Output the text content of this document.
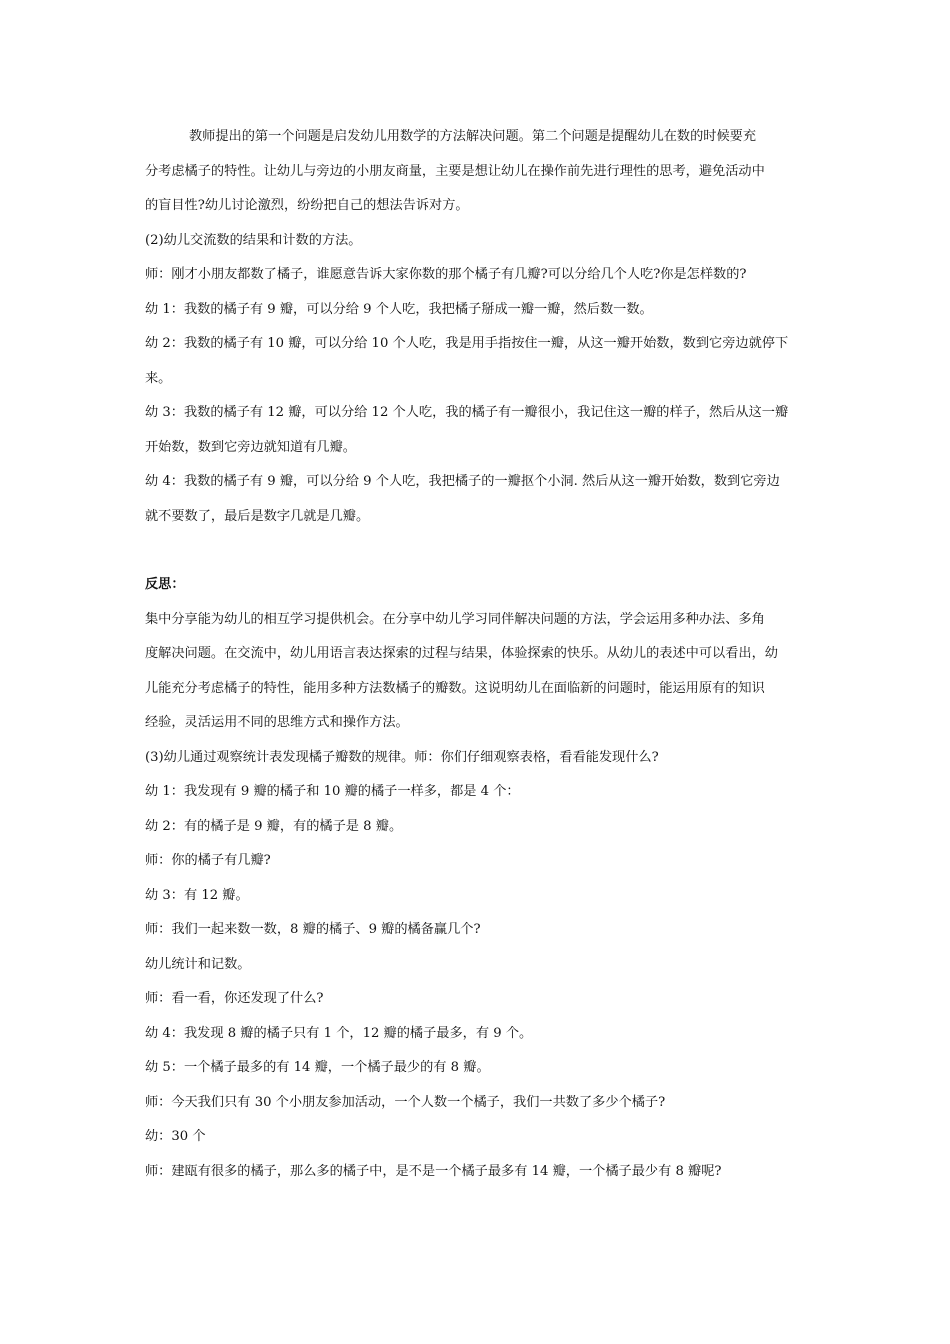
教师提出的第一个问题是启发幼儿用数学的方法解决问题。第二个问题是提醒幼儿在数的时候要充
分考虑橘子的特性。让幼儿与旁边的小朋友商量，主要是想让幼儿在操作前先进行理性的思考，避免活动中
的盲目性?幼儿讨论激烈，纷纷把自己的想法告诉对方。
(2)幼儿交流数的结果和计数的方法。
师：刚才小朋友都数了橘子，谁愿意告诉大家你数的那个橘子有几瓣?可以分给几个人吃?你是怎样数的?
幼 1：我数的橘子有 9 瓣，可以分给 9 个人吃，我把橘子掰成一瓣一瓣，然后数一数。
幼 2：我数的橘子有 10 瓣，可以分给 10 个人吃，我是用手指按住一瓣，从这一瓣开始数，数到它旁边就停下
来。
幼 3：我数的橘子有 12 瓣，可以分给 12 个人吃，我的橘子有一瓣很小，我记住这一瓣的样子，然后从这一瓣
开始数，数到它旁边就知道有几瓣。
幼 4：我数的橘子有 9 瓣，可以分给 9 个人吃，我把橘子的一瓣抠个小洞. 然后从这一瓣开始数，数到它旁边
就不要数了，最后是数字几就是几瓣。
反思：
集中分享能为幼儿的相互学习提供机会。在分享中幼儿学习同伴解决问题的方法，学会运用多种办法、多角
度解决问题。在交流中，幼儿用语言表达探索的过程与结果，体验探索的快乐。从幼儿的表述中可以看出，幼
儿能充分考虑橘子的特性，能用多种方法数橘子的瓣数。这说明幼儿在面临新的问题时，能运用原有的知识
经验，灵活运用不同的思维方式和操作方法。
(3)幼儿通过观察统计表发现橘子瓣数的规律。师：你们仔细观察表格，看看能发现什么?
幼 1：我发现有 9 瓣的橘子和 10 瓣的橘子一样多，都是 4 个：
幼 2：有的橘子是 9 瓣，有的橘子是 8 瓣。
师：你的橘子有几瓣?
幼 3：有 12 瓣。
师：我们一起来数一数，8 瓣的橘子、9 瓣的橘备赢几个?
幼儿统计和记数。
师：看一看，你还发现了什么?
幼 4：我发现 8 瓣的橘子只有 1 个，12 瓣的橘子最多，有 9 个。
幼 5：一个橘子最多的有 14 瓣，一个橘子最少的有 8 瓣。
师：今天我们只有 30 个小朋友参加活动，一个人数一个橘子，我们一共数了多少个橘子?
幼：30 个
师：建瓯有很多的橘子，那么多的橘子中，是不是一个橘子最多有 14 瓣，一个橘子最少有 8 瓣呢?
